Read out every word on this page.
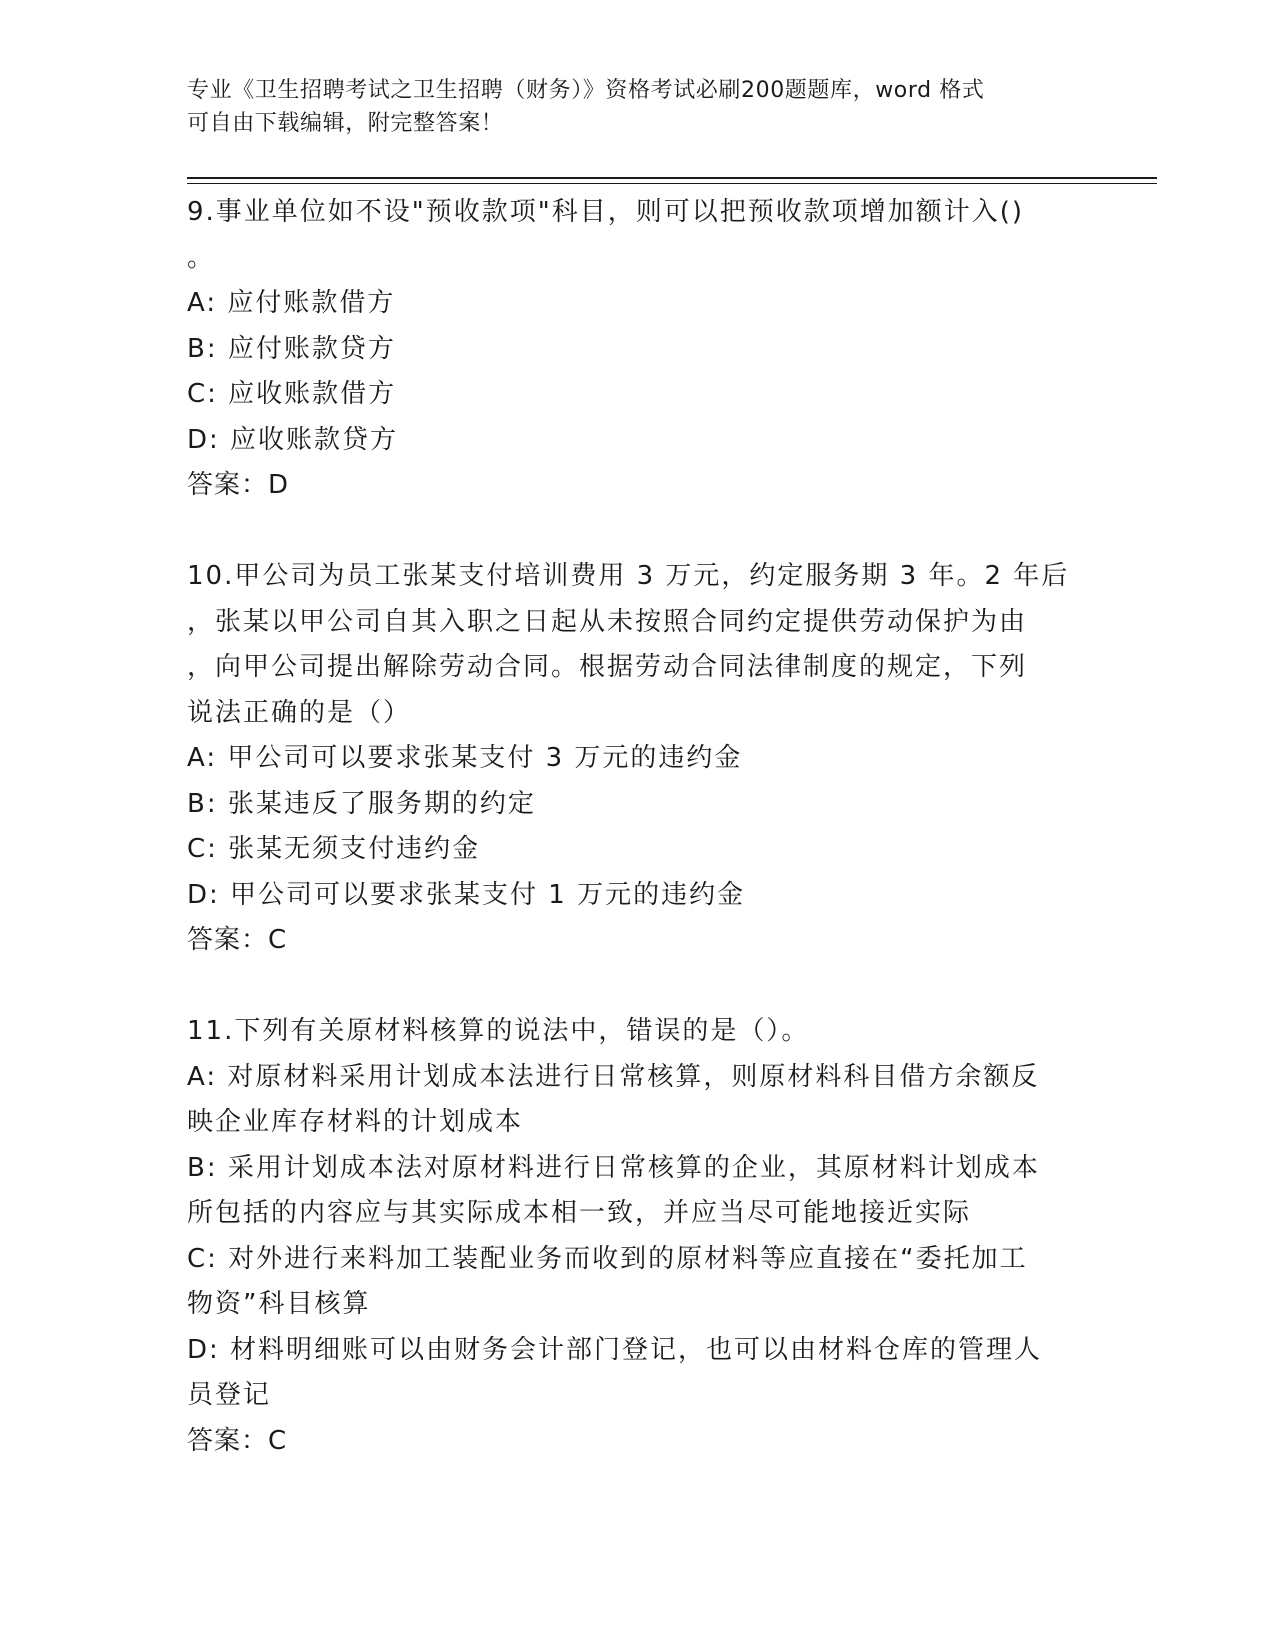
专业《卫生招聘考试之卫生招聘（财务）》资格考试必刷200题题库，word 格式
可自由下载编辑，附完整答案！
9.事业单位如不设"预收款项"科目，则可以把预收款项增加额计入()
。
A: 应付账款借方
B: 应付账款贷方
C: 应收账款借方
D: 应收账款贷方
答案：D
10.甲公司为员工张某支付培训费用 3 万元，约定服务期 3 年。2 年后
，张某以甲公司自其入职之日起从未按照合同约定提供劳动保护为由
，向甲公司提出解除劳动合同。根据劳动合同法律制度的规定，下列
说法正确的是（）
A: 甲公司可以要求张某支付 3 万元的违约金
B: 张某违反了服务期的约定
C: 张某无须支付违约金
D: 甲公司可以要求张某支付 1 万元的违约金
答案：C
11.下列有关原材料核算的说法中，错误的是（）。
A: 对原材料采用计划成本法进行日常核算，则原材料科目借方余额反
映企业库存材料的计划成本
B: 采用计划成本法对原材料进行日常核算的企业，其原材料计划成本
所包括的内容应与其实际成本相一致，并应当尽可能地接近实际
C: 对外进行来料加工装配业务而收到的原材料等应直接在“委托加工
物资”科目核算
D: 材料明细账可以由财务会计部门登记，也可以由材料仓库的管理人
员登记
答案：C
